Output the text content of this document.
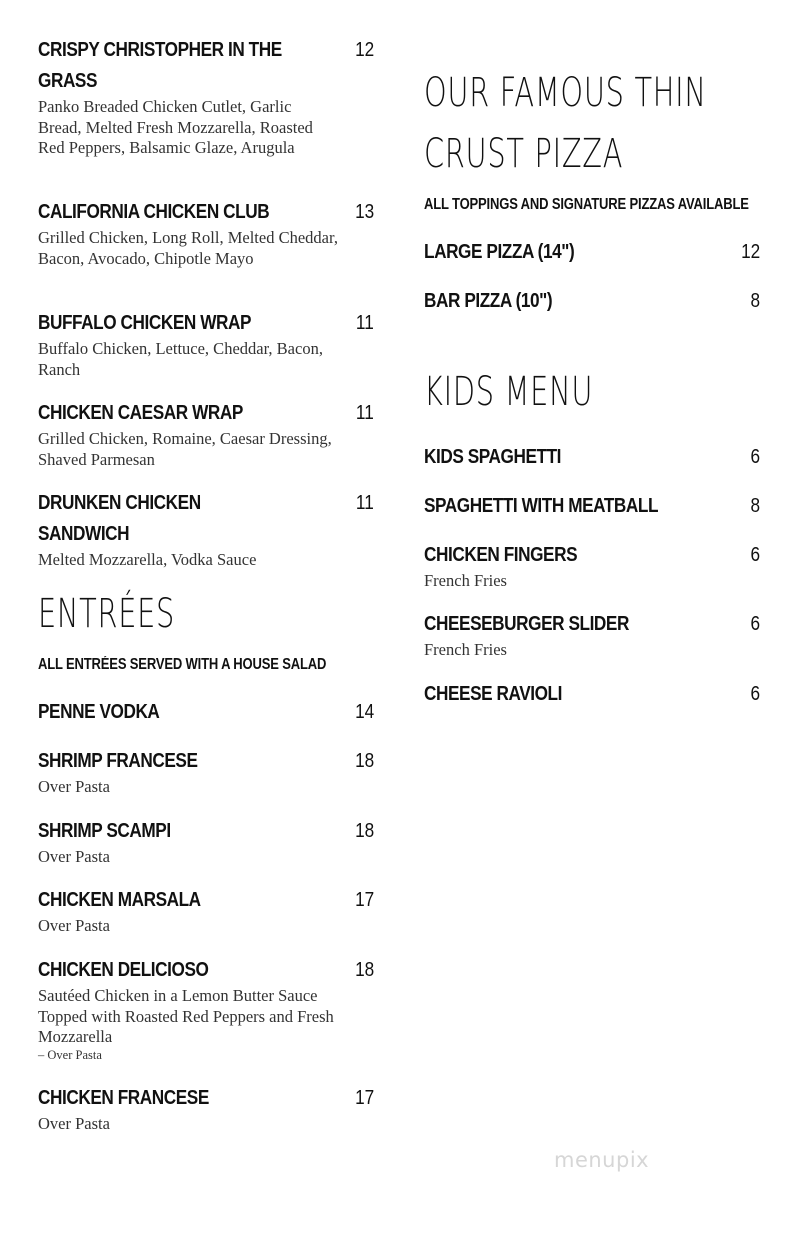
CRISPY CHRISTOPHER IN THE GRASS
12
Panko Breaded Chicken Cutlet, Garlic Bread, Melted Fresh Mozzarella, Roasted Red Peppers, Balsamic Glaze, Arugula
CALIFORNIA CHICKEN CLUB	13
Grilled Chicken, Long Roll, Melted Cheddar, Bacon, Avocado, Chipotle Mayo
BUFFALO CHICKEN WRAP	11
Buffalo Chicken, Lettuce, Cheddar, Bacon, Ranch
CHICKEN CAESAR WRAP	11
Grilled Chicken, Romaine, Caesar Dressing, Shaved Parmesan
DRUNKEN CHICKEN SANDWICH
11
Melted Mozzarella, Vodka Sauce
ENTRÉES
ALL ENTRÉES SERVED WITH A HOUSE SALAD
PENNE VODKA	14
SHRIMP FRANCESE	18
Over Pasta
SHRIMP SCAMPI	18
Over Pasta
CHICKEN MARSALA	17
Over Pasta
CHICKEN DELICIOSO	18
Sautéed Chicken in a Lemon Butter Sauce Topped with Roasted Red Peppers and Fresh Mozzarella
– Over Pasta
CHICKEN FRANCESE	17
Over Pasta
OUR FAMOUS THIN
CRUST PIZZA
ALL TOPPINGS AND SIGNATURE PIZZAS AVAILABLE
LARGE PIZZA (14")	12
BAR PIZZA (10")	8
KIDS MENU
KIDS SPAGHETTI	6
SPAGHETTI WITH MEATBALL	8
CHICKEN FINGERS	6
French Fries
CHEESEBURGER SLIDER	6
French Fries
CHEESE RAVIOLI	6
menupix
